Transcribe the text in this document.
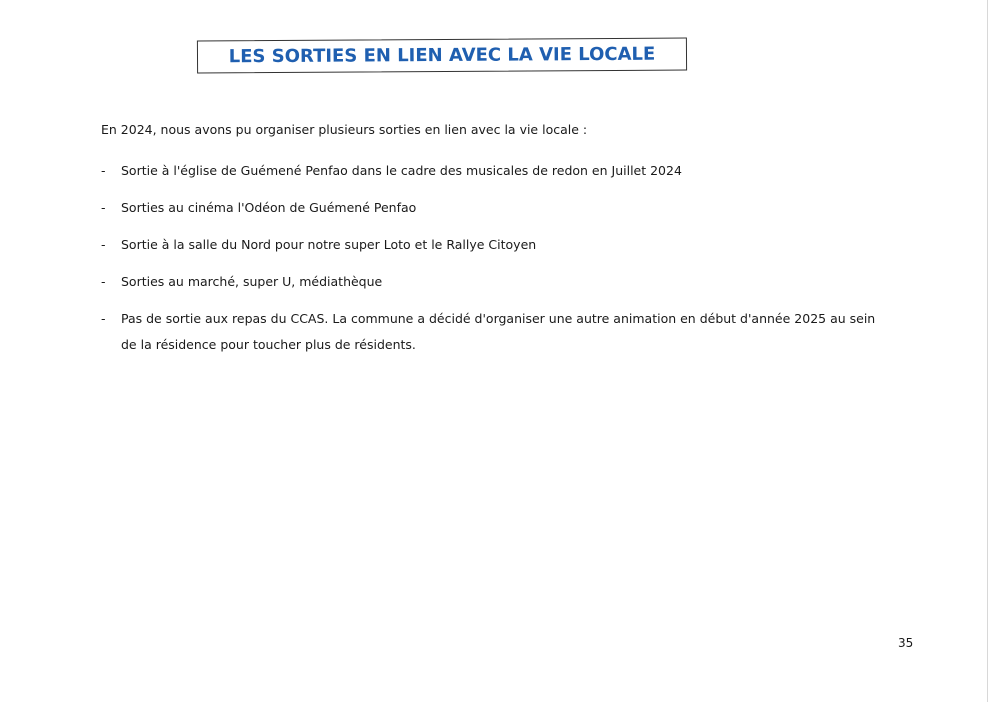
LES SORTIES EN LIEN AVEC LA VIE LOCALE
En 2024, nous avons pu organiser plusieurs sorties en lien avec la vie locale :
- Sortie à l'église de Guémené Penfao dans le cadre des musicales de redon en Juillet 2024
- Sorties au cinéma l'Odéon de Guémené Penfao
- Sortie à la salle du Nord pour notre super Loto et le Rallye Citoyen
- Sorties au marché, super U, médiathèque
- Pas de sortie aux repas du CCAS. La commune a décidé d'organiser une autre animation en début d'année 2025 au sein de la résidence pour toucher plus de résidents.
35
